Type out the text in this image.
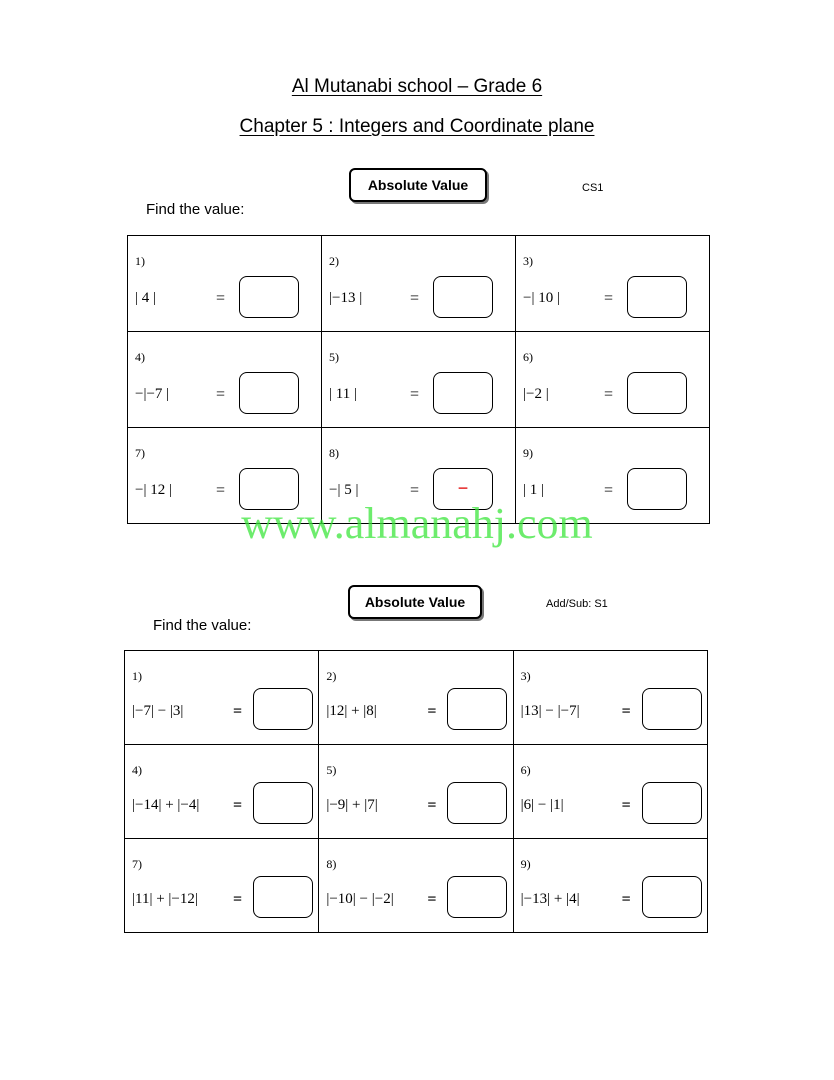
Al Mutanabi school – Grade 6
Chapter 5 : Integers and Coordinate plane
Absolute Value	CS1
Find the value:
1)
| 4 | =	2)
|−13 | =	3)
−| 10 | =

4)
−|−7 | =	5)
| 11 | =	6)
|−2 | =

7)
−| 12 | =	8)
−| 5 | = −	9)
| 1 | =
www.almanahj.com
Absolute Value	Add/Sub: S1
Find the value:
1)
|−7| − |3| =	2)
|12| + |8| =	3)
|13| − |−7| =

4)
|−14| + |−4| =	5)
|−9| + |7| =	6)
|6| − |1| =

7)
|11| + |−12| =	8)
|−10| − |−2| =	9)
|−13| + |4| =
